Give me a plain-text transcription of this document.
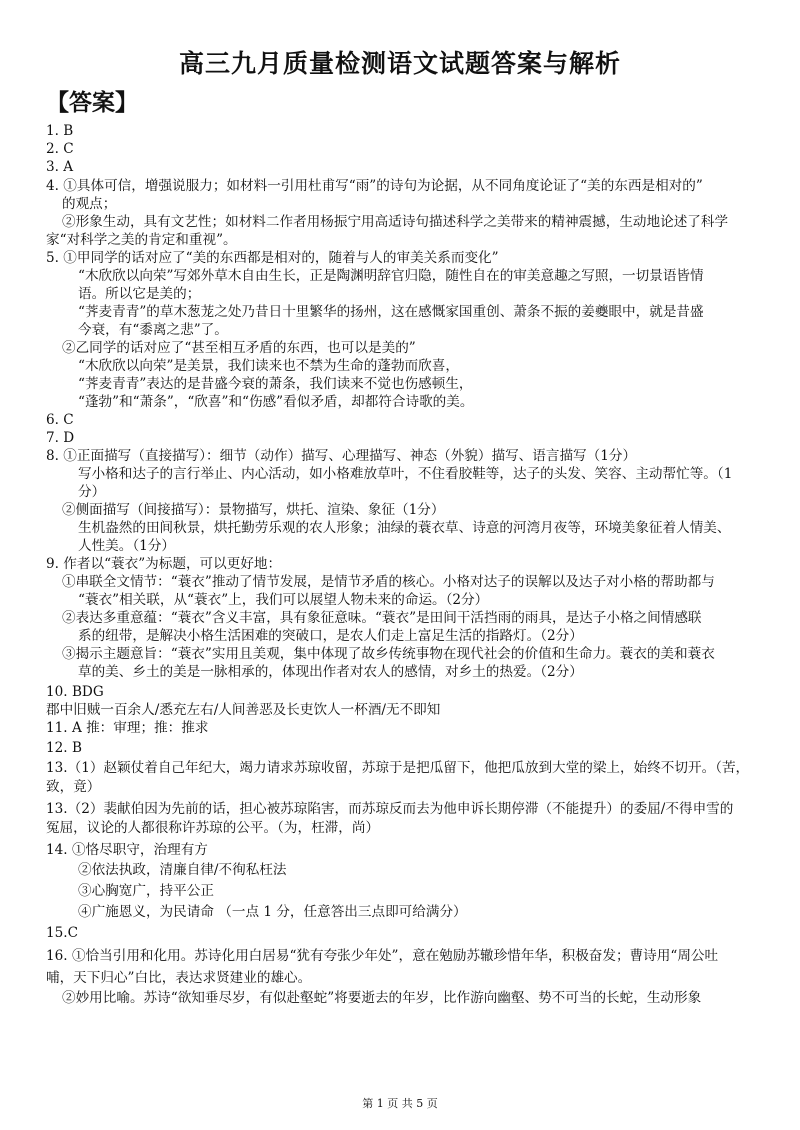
高三九月质量检测语文试题答案与解析
【答案】
1. B
2. C
3. A
4. ①具体可信，增强说服力；如材料一引用杜甫写“雨”的诗句为论据，从不同角度论证了“美的东西是相对的”
的观点；
②形象生动，具有文艺性；如材料二作者用杨振宁用高适诗句描述科学之美带来的精神震撼，生动地论述了科学
家“对科学之美的肯定和重视”。
5. ①甲同学的话对应了“美的东西都是相对的，随着与人的审美关系而变化”
“木欣欣以向荣”写郊外草木自由生长，正是陶渊明辞官归隐，随性自在的审美意趣之写照，一切景语皆情
语。所以它是美的；
“荠麦青青”的草木葱茏之处乃昔日十里繁华的扬州，这在感慨家国重创、萧条不振的姜夔眼中，就是昔盛
今衰，有“黍离之悲”了。
②乙同学的话对应了“甚至相互矛盾的东西，也可以是美的”
“木欣欣以向荣”是美景，我们读来也不禁为生命的蓬勃而欣喜，
“荠麦青青”表达的是昔盛今衰的萧条，我们读来不觉也伤感顿生，
“蓬勃”和“萧条”，“欣喜”和“伤感”看似矛盾，却都符合诗歌的美。
6. C
7. D
8. ①正面描写（直接描写）：细节（动作）描写、心理描写、神态（外貌）描写、语言描写（1分）
写小格和达子的言行举止、内心活动，如小格难放草叶，不住看胶鞋等，达子的头发、笑容、主动帮忙等。（1
分）
②侧面描写（间接描写）：景物描写，烘托、渲染、象征（1分）
生机盎然的田间秋景，烘托勤劳乐观的农人形象；油绿的蓑衣草、诗意的河湾月夜等，环境美象征着人情美、
人性美。（1分）
9. 作者以“蓑衣”为标题，可以更好地：
①串联全文情节：“蓑衣”推动了情节发展，是情节矛盾的核心。小格对达子的误解以及达子对小格的帮助都与
“蓑衣”相关联，从“蓑衣”上，我们可以展望人物未来的命运。（2分）
②表达多重意蕴：“蓑衣”含义丰富，具有象征意味。“蓑衣”是田间干活挡雨的雨具，是达子小格之间情感联
系的纽带，是解决小格生活困难的突破口，是农人们走上富足生活的指路灯。（2分）
③揭示主题意旨：“蓑衣”实用且美观，集中体现了故乡传统事物在现代社会的价值和生命力。蓑衣的美和蓑衣
草的美、乡土的美是一脉相承的，体现出作者对农人的感情，对乡土的热爱。（2分）
10. BDG
郡中旧贼一百余人/悉充左右/人间善恶及长吏饮人一杯酒/无不即知
11. A 推：审理；推：推求
12. B
13.（1）赵颖仗着自己年纪大，竭力请求苏琼收留，苏琼于是把瓜留下，他把瓜放到大堂的梁上，始终不切开。（苦，
致，竟）
13.（2）裴献伯因为先前的话，担心被苏琼陷害，而苏琼反而去为他申诉长期停滞（不能提升）的委屈/不得申雪的
冤屈，议论的人都很称许苏琼的公平。（为，枉滞，尚）
14. ①恪尽职守，治理有方
②依法执政，清廉自律/不徇私枉法
③心胸宽广，持平公正
④广施恩义，为民请命 （一点 1 分，任意答出三点即可给满分）
15.C
16. ①恰当引用和化用。苏诗化用白居易“犹有夸张少年处”，意在勉励苏辙珍惜年华，积极奋发；曹诗用“周公吐
哺，天下归心”白比，表达求贤建业的雄心。
②妙用比喻。苏诗“欲知垂尽岁，有似赴壑蛇”将要逝去的年岁，比作游向幽壑、势不可当的长蛇，生动形象
第 1 页 共 5 页
